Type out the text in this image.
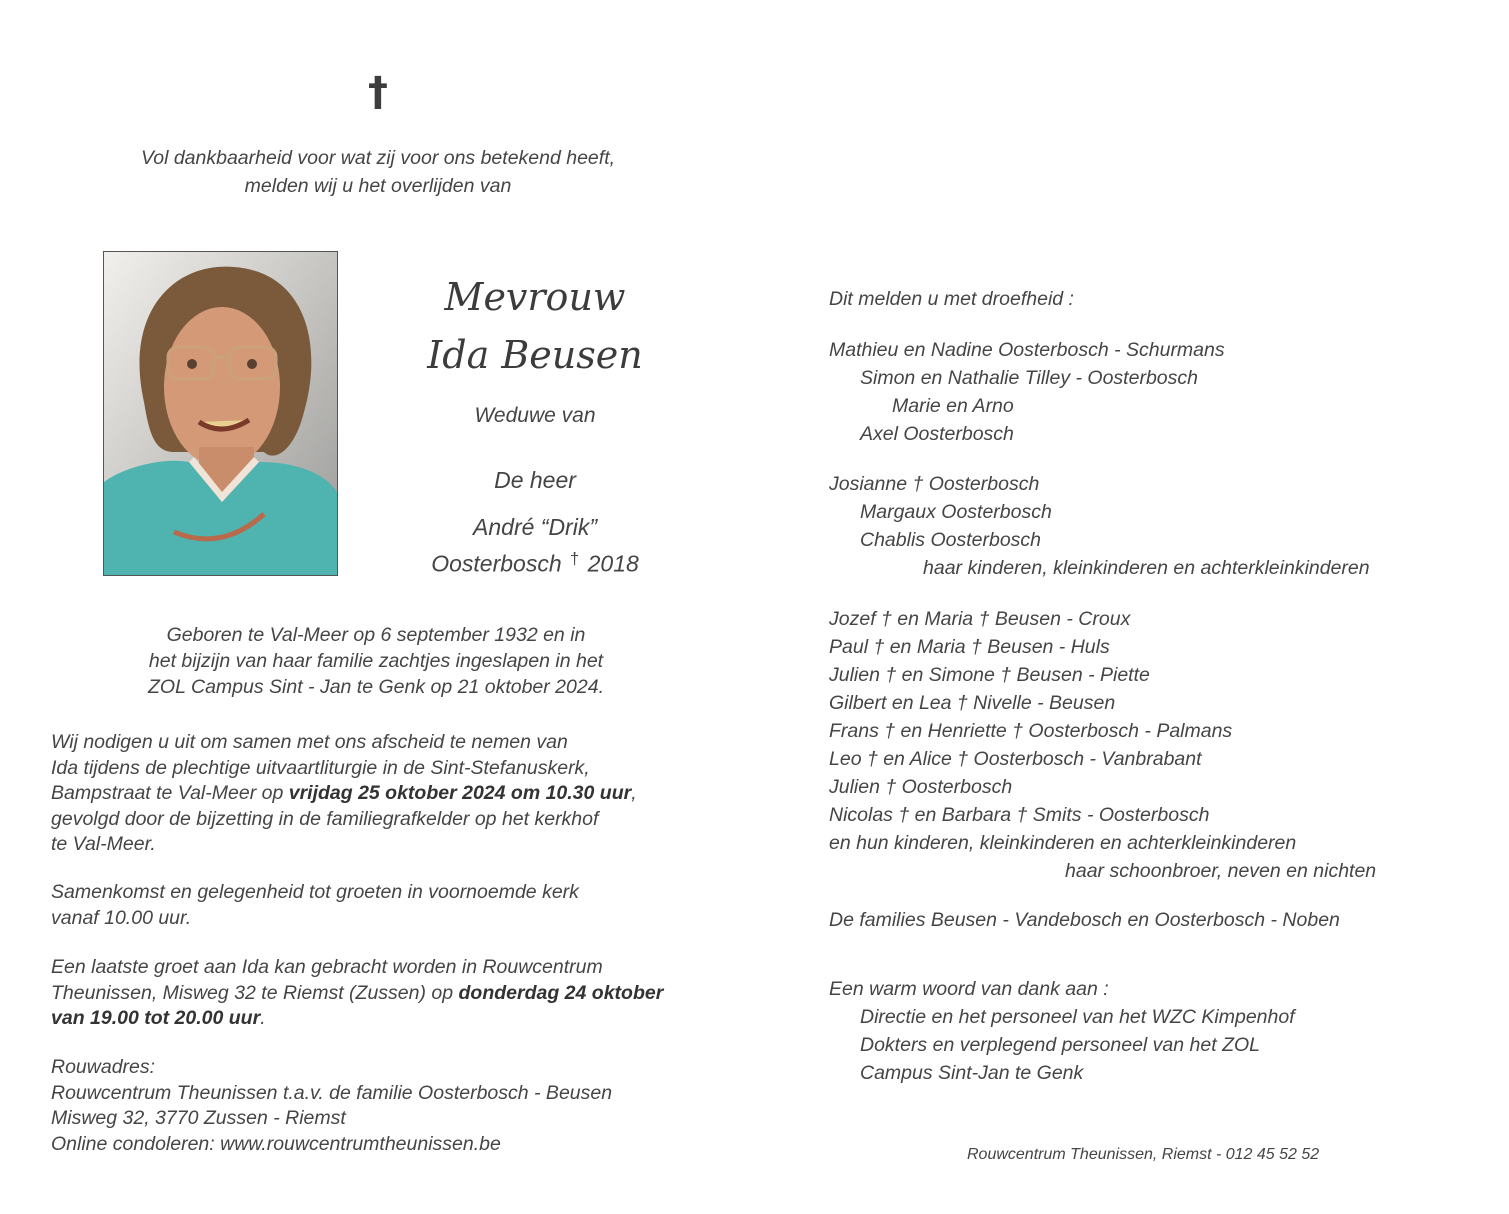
†
Vol dankbaarheid voor wat zij voor ons betekend heeft,
melden wij u het overlijden van
Mevrouw
Ida Beusen
Weduwe van
De heer
André “Drik”
Oosterbosch † 2018
Geboren te Val-Meer op 6 september 1932 en in
het bijzijn van haar familie zachtjes ingeslapen in het
ZOL Campus Sint - Jan te Genk op 21 oktober 2024.
Wij nodigen u uit om samen met ons afscheid te nemen van
Ida tijdens de plechtige uitvaartliturgie in de Sint-Stefanuskerk,
Bampstraat te Val-Meer op vrijdag 25 oktober 2024 om 10.30 uur,
gevolgd door de bijzetting in de familiegrafkelder op het kerkhof
te Val-Meer.
Samenkomst en gelegenheid tot groeten in voornoemde kerk
vanaf 10.00 uur.
Een laatste groet aan Ida kan gebracht worden in Rouwcentrum
Theunissen, Misweg 32 te Riemst (Zussen) op donderdag 24 oktober
van 19.00 tot 20.00 uur.
Rouwadres:
Rouwcentrum Theunissen t.a.v. de familie Oosterbosch - Beusen
Misweg 32, 3770 Zussen - Riemst
Online condoleren: www.rouwcentrumtheunissen.be
Dit melden u met droefheid :
Mathieu en Nadine Oosterbosch - Schurmans
Simon en Nathalie Tilley - Oosterbosch
Marie en Arno
Axel Oosterbosch
Josianne † Oosterbosch
Margaux Oosterbosch
Chablis Oosterbosch
haar kinderen, kleinkinderen en achterkleinkinderen
Jozef † en Maria † Beusen - Croux
Paul † en Maria † Beusen - Huls
Julien † en Simone † Beusen - Piette
Gilbert en Lea † Nivelle - Beusen
Frans † en Henriette † Oosterbosch - Palmans
Leo † en Alice † Oosterbosch - Vanbrabant
Julien † Oosterbosch
Nicolas † en Barbara † Smits - Oosterbosch
en hun kinderen, kleinkinderen en achterkleinkinderen
haar schoonbroer, neven en nichten
De families Beusen - Vandebosch en Oosterbosch - Noben
Een warm woord van dank aan :
Directie en het personeel van het WZC Kimpenhof
Dokters en verplegend personeel van het ZOL
Campus Sint-Jan te Genk
Rouwcentrum Theunissen, Riemst - 012 45 52 52
